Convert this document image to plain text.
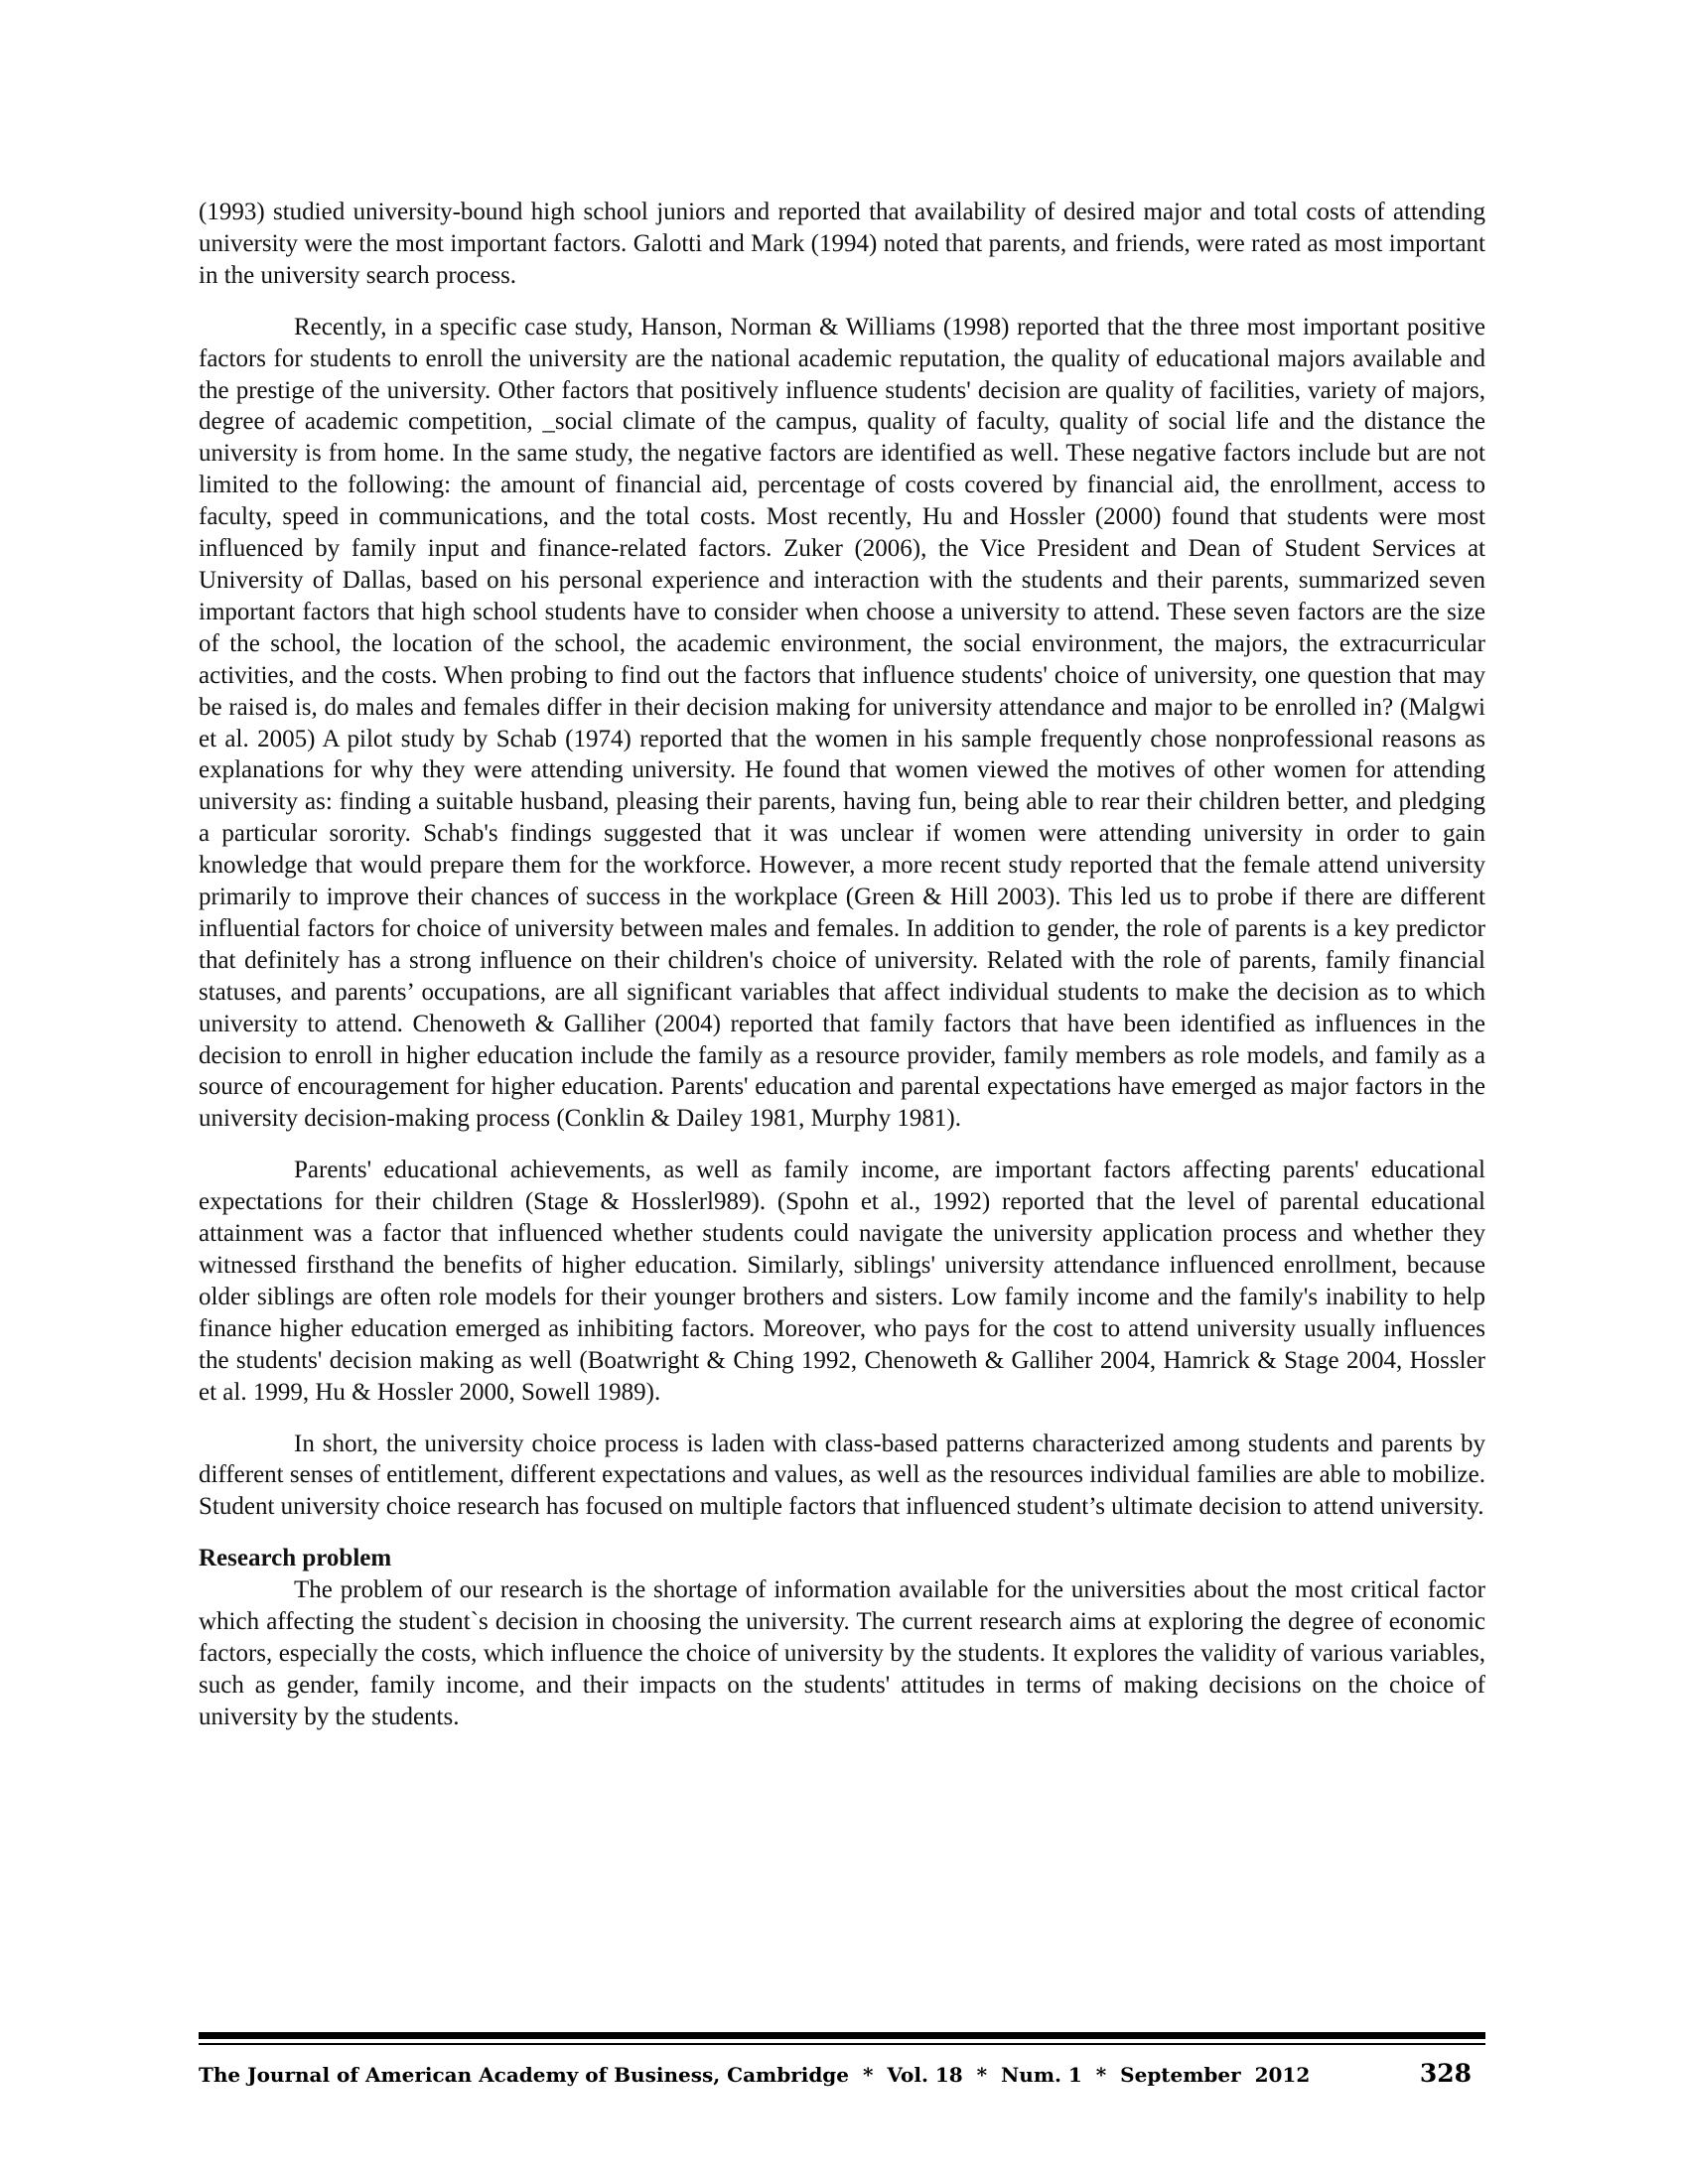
(1993) studied university-bound high school juniors and reported that availability of desired major and total costs of attending university were the most important factors. Galotti and Mark (1994) noted that parents, and friends, were rated as most important in the university search process.

Recently, in a specific case study, Hanson, Norman & Williams (1998) reported that the three most important positive factors for students to enroll the university are the national academic reputation, the quality of educational majors available and the prestige of the university. Other factors that positively influence students' decision are quality of facilities, variety of majors, degree of academic competition, _social climate of the campus, quality of faculty, quality of social life and the distance the university is from home. In the same study, the negative factors are identified as well. These negative factors include but are not limited to the following: the amount of financial aid, percentage of costs covered by financial aid, the enrollment, access to faculty, speed in communications, and the total costs. Most recently, Hu and Hossler (2000) found that students were most influenced by family input and finance-related factors. Zuker (2006), the Vice President and Dean of Student Services at University of Dallas, based on his personal experience and interaction with the students and their parents, summarized seven important factors that high school students have to consider when choose a university to attend. These seven factors are the size of the school, the location of the school, the academic environment, the social environment, the majors, the extracurricular activities, and the costs. When probing to find out the factors that influence students' choice of university, one question that may be raised is, do males and females differ in their decision making for university attendance and major to be enrolled in? (Malgwi et al. 2005) A pilot study by Schab (1974) reported that the women in his sample frequently chose nonprofessional reasons as explanations for why they were attending university. He found that women viewed the motives of other women for attending university as: finding a suitable husband, pleasing their parents, having fun, being able to rear their children better, and pledging a particular sorority. Schab's findings suggested that it was unclear if women were attending university in order to gain knowledge that would prepare them for the workforce. However, a more recent study reported that the female attend university primarily to improve their chances of success in the workplace (Green & Hill 2003). This led us to probe if there are different influential factors for choice of university between males and females. In addition to gender, the role of parents is a key predictor that definitely has a strong influence on their children's choice of university. Related with the role of parents, family financial statuses, and parents’ occupations, are all significant variables that affect individual students to make the decision as to which university to attend. Chenoweth & Galliher (2004) reported that family factors that have been identified as influences in the decision to enroll in higher education include the family as a resource provider, family members as role models, and family as a source of encouragement for higher education. Parents' education and parental expectations have emerged as major factors in the university decision-making process (Conklin & Dailey 1981, Murphy 1981).

Parents' educational achievements, as well as family income, are important factors affecting parents' educational expectations for their children (Stage & Hosslerl989). (Spohn et al., 1992) reported that the level of parental educational attainment was a factor that influenced whether students could navigate the university application process and whether they witnessed firsthand the benefits of higher education. Similarly, siblings' university attendance influenced enrollment, because older siblings are often role models for their younger brothers and sisters. Low family income and the family's inability to help finance higher education emerged as inhibiting factors. Moreover, who pays for the cost to attend university usually influences the students' decision making as well (Boatwright & Ching 1992, Chenoweth & Galliher 2004, Hamrick & Stage 2004, Hossler et al. 1999, Hu & Hossler 2000, Sowell 1989).

In short, the university choice process is laden with class-based patterns characterized among students and parents by different senses of entitlement, different expectations and values, as well as the resources individual families are able to mobilize. Student university choice research has focused on multiple factors that influenced student’s ultimate decision to attend university.

Research problem

The problem of our research is the shortage of information available for the universities about the most critical factor which affecting the student`s decision in choosing the university. The current research aims at exploring the degree of economic factors, especially the costs, which influence the choice of university by the students. It explores the validity of various variables, such as gender, family income, and their impacts on the students' attitudes in terms of making decisions on the choice of university by the students.

The Journal of American Academy of Business, Cambridge  *  Vol. 18  *  Num. 1  *  September  2012	328
